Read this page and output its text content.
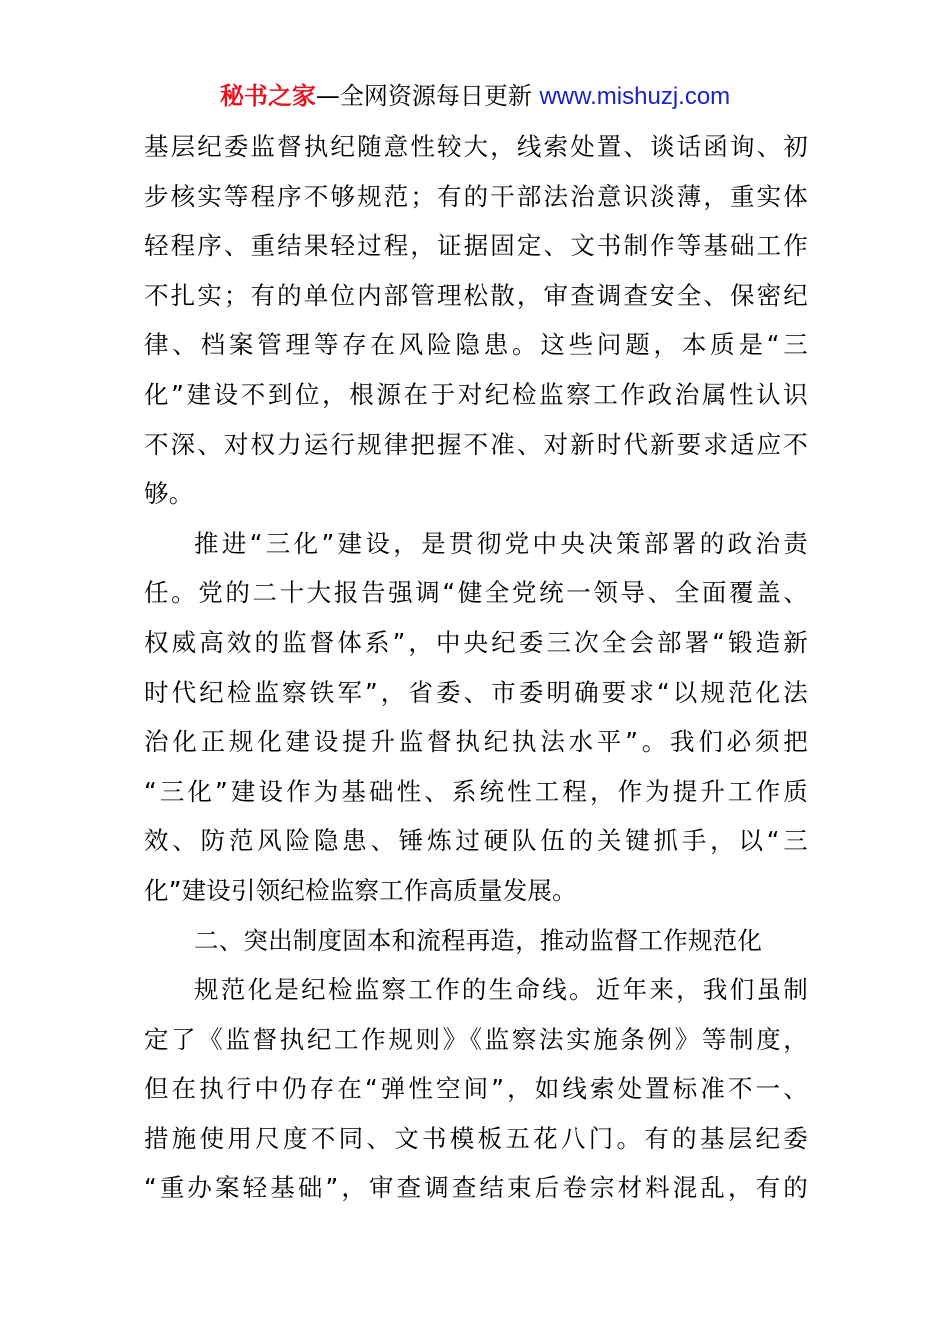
秘书之家—全网资源每日更新 www.mishuzj.com
基层纪委监督执纪随意性较大，线索处置、谈话函询、初
步核实等程序不够规范；有的干部法治意识淡薄，重实体
轻程序、重结果轻过程，证据固定、文书制作等基础工作
不扎实；有的单位内部管理松散，审查调查安全、保密纪
律、档案管理等存在风险隐患。这些问题，本质是“三
化”建设不到位，根源在于对纪检监察工作政治属性认识
不深、对权力运行规律把握不准、对新时代新要求适应不
够。
推进“三化”建设，是贯彻党中央决策部署的政治责
任。党的二十大报告强调“健全党统一领导、全面覆盖、
权威高效的监督体系”，中央纪委三次全会部署“锻造新
时代纪检监察铁军”，省委、市委明确要求“以规范化法
治化正规化建设提升监督执纪执法水平”。我们必须把
“三化”建设作为基础性、系统性工程，作为提升工作质
效、防范风险隐患、锤炼过硬队伍的关键抓手，以“三
化”建设引领纪检监察工作高质量发展。
二、突出制度固本和流程再造，推动监督工作规范化
规范化是纪检监察工作的生命线。近年来，我们虽制
定了《监督执纪工作规则》《监察法实施条例》等制度，
但在执行中仍存在“弹性空间”，如线索处置标准不一、
措施使用尺度不同、文书模板五花八门。有的基层纪委
“重办案轻基础”，审查调查结束后卷宗材料混乱，有的
